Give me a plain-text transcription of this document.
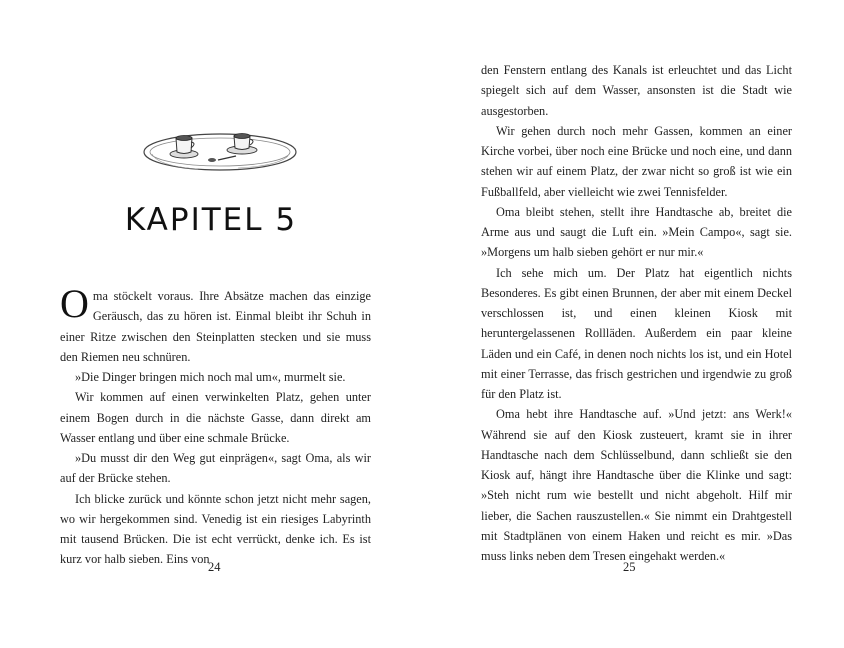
KAPITEL 5

Oma stöckelt voraus. Ihre Absätze machen das einzige Geräusch, das zu hören ist. Einmal bleibt ihr Schuh in einer Ritze zwischen den Steinplatten stecken und sie muss den Riemen neu schnüren.

»Die Dinger bringen mich noch mal um«, murmelt sie.

Wir kommen auf einen verwinkelten Platz, gehen unter einem Bogen durch in die nächste Gasse, dann direkt am Wasser entlang und über eine schmale Brücke.

»Du musst dir den Weg gut einprägen«, sagt Oma, als wir auf der Brücke stehen.

Ich blicke zurück und könnte schon jetzt nicht mehr sagen, wo wir hergekommen sind. Venedig ist ein riesiges Labyrinth mit tausend Brücken. Die ist echt verrückt, denke ich. Es ist kurz vor halb sieben. Eins von

24

den Fenstern entlang des Kanals ist erleuchtet und das Licht spiegelt sich auf dem Wasser, ansonsten ist die Stadt wie ausgestorben.

Wir gehen durch noch mehr Gassen, kommen an einer Kirche vorbei, über noch eine Brücke und noch eine, und dann stehen wir auf einem Platz, der zwar nicht so groß ist wie ein Fußballfeld, aber vielleicht wie zwei Tennisfelder.

Oma bleibt stehen, stellt ihre Handtasche ab, breitet die Arme aus und saugt die Luft ein. »Mein Campo«, sagt sie. »Morgens um halb sieben gehört er nur mir.«

Ich sehe mich um. Der Platz hat eigentlich nichts Besonderes. Es gibt einen Brunnen, der aber mit einem Deckel verschlossen ist, und einen kleinen Kiosk mit heruntergelassenen Rollläden. Außerdem ein paar kleine Läden und ein Café, in denen noch nichts los ist, und ein Hotel mit einer Terrasse, das frisch gestrichen und irgendwie zu groß für den Platz ist.

Oma hebt ihre Handtasche auf. »Und jetzt: ans Werk!« Während sie auf den Kiosk zusteuert, kramt sie in ihrer Handtasche nach dem Schlüsselbund, dann schließt sie den Kiosk auf, hängt ihre Handtasche über die Klinke und sagt: »Steh nicht rum wie bestellt und nicht abgeholt. Hilf mir lieber, die Sachen rauszustellen.« Sie nimmt ein Drahtgestell mit Stadtplänen von einem Haken und reicht es mir. »Das muss links neben dem Tresen eingehakt werden.«

25
